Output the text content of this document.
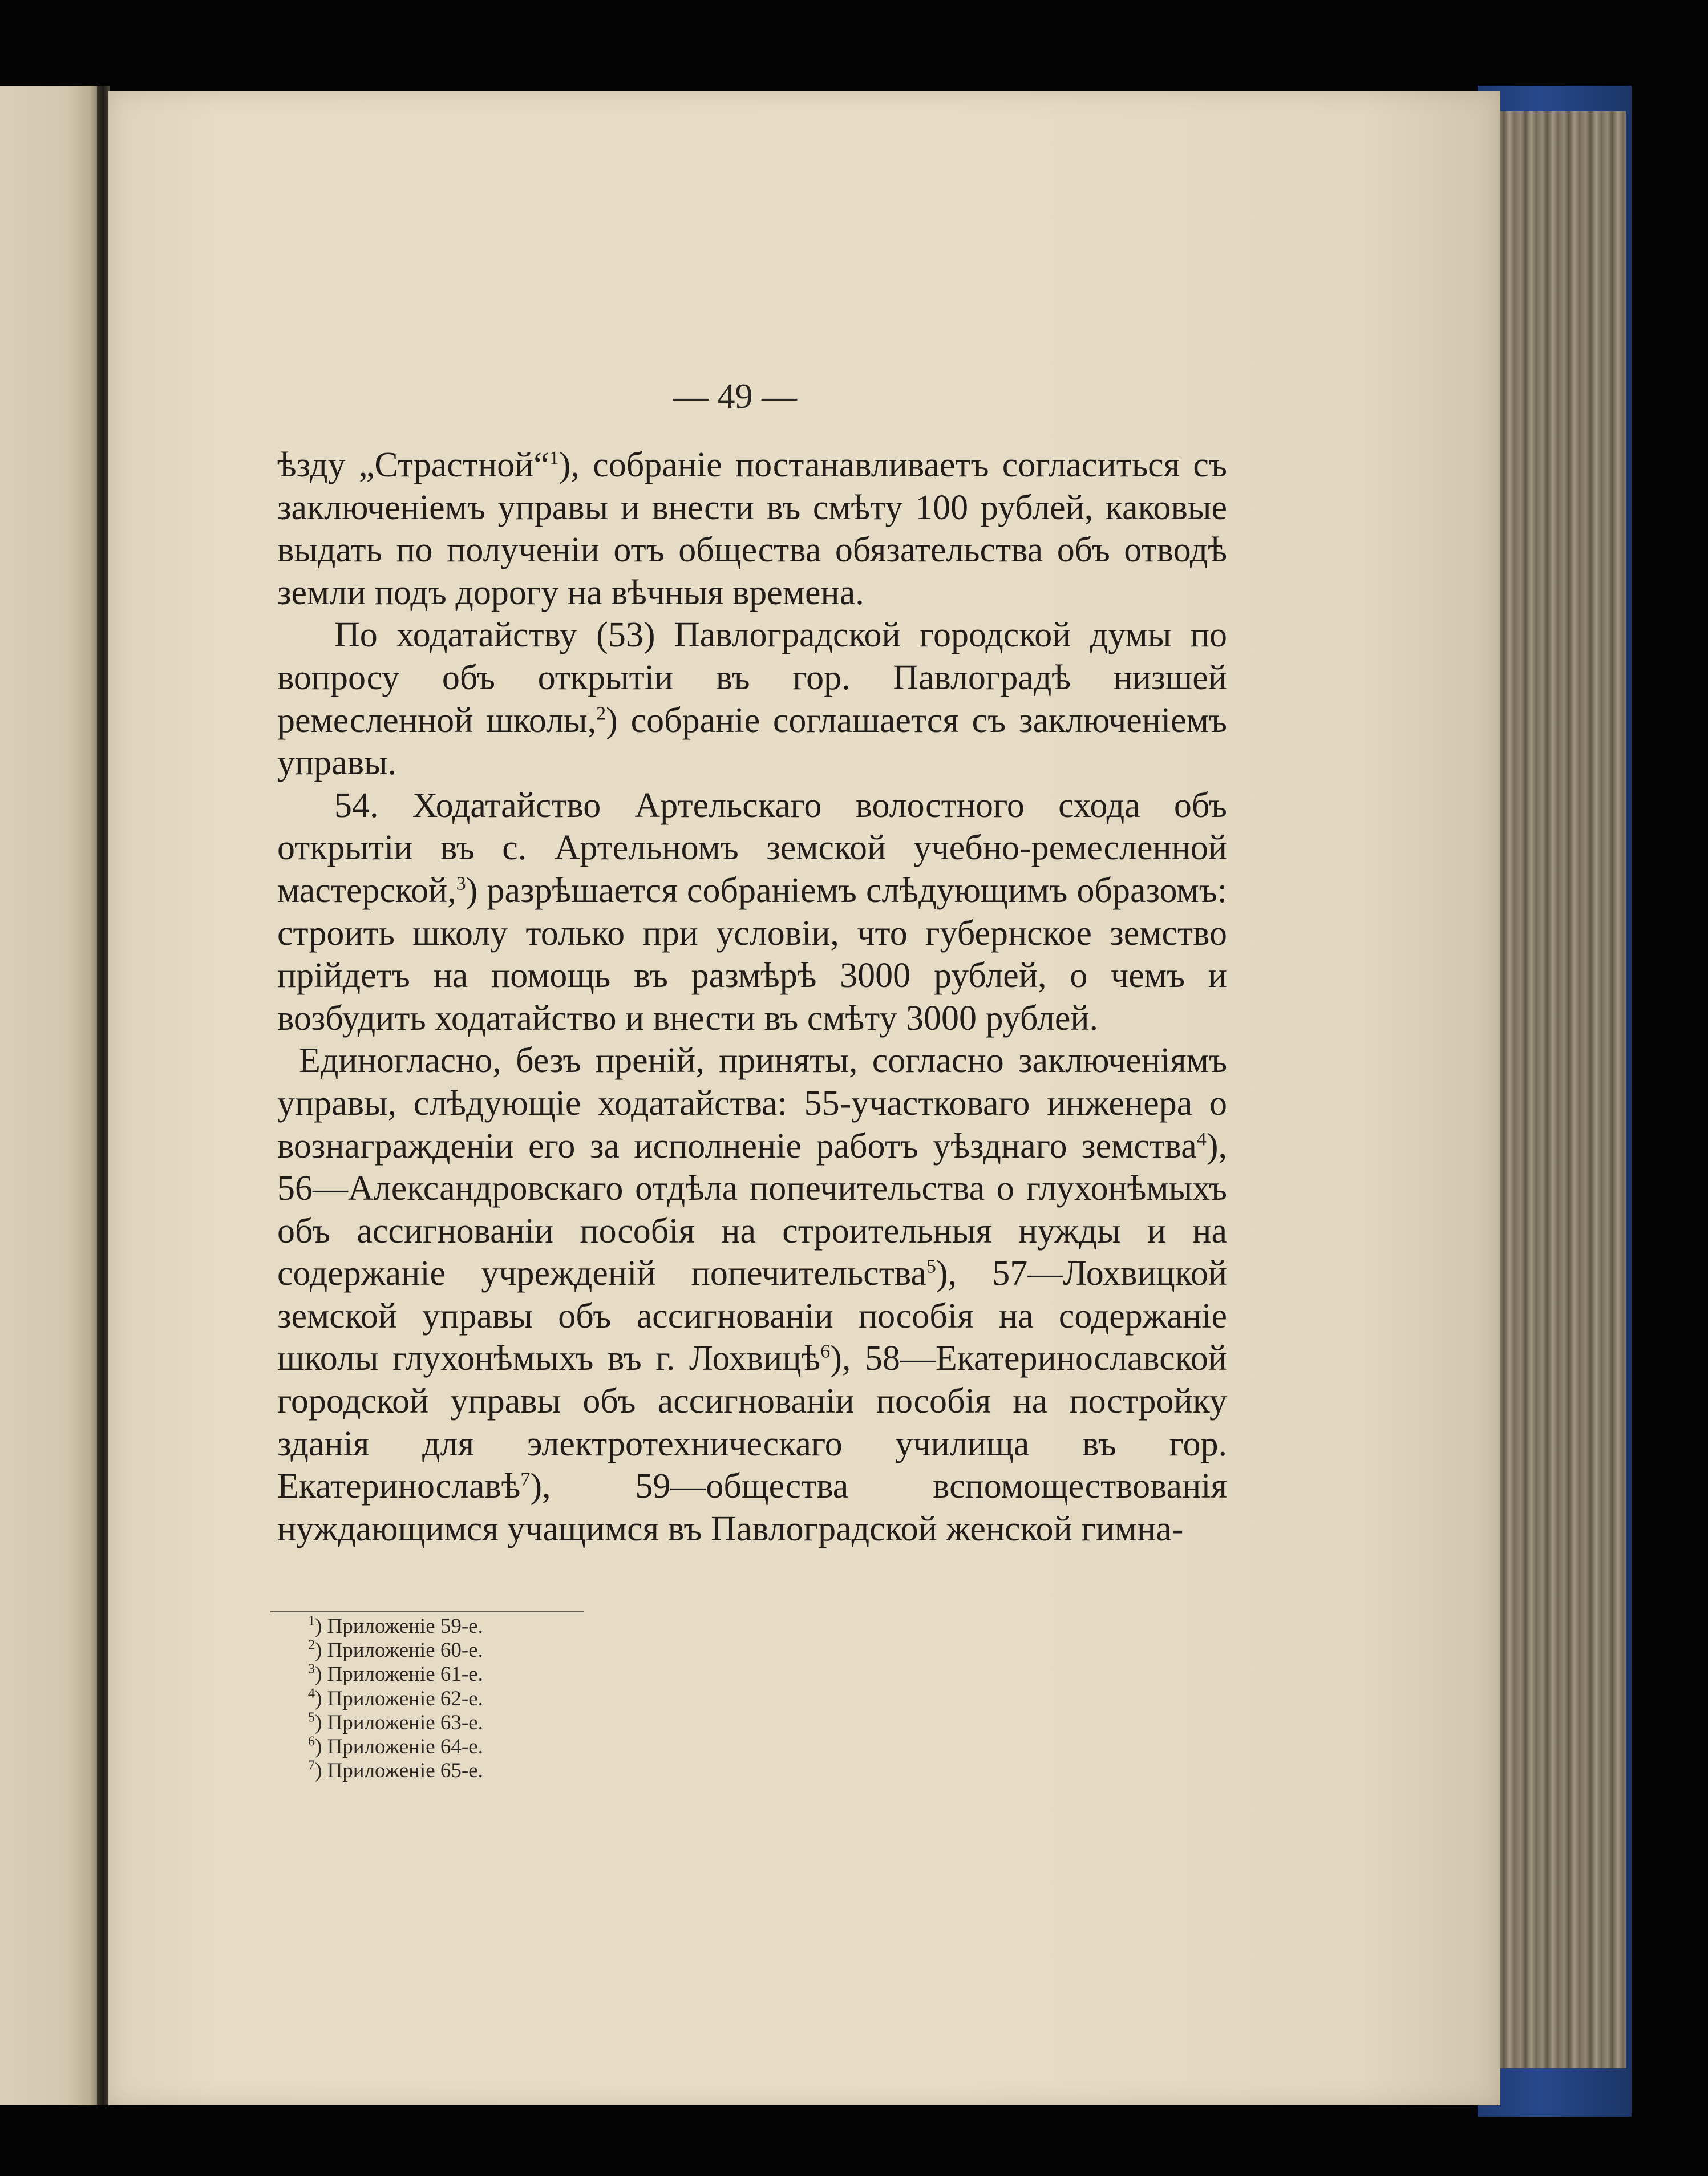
— 49 —

ѣзду „Страстной“$^1$), собраніе постанавливаетъ согласиться съ заключеніемъ управы и внести въ смѣту 100 рублей, каковые выдать по полученіи отъ общества обязательства объ отводѣ земли подъ дорогу на вѣчныя времена.

По ходатайству (53) Павлоградской городской думы по вопросу объ открытіи въ гор. Павлоградѣ низшей ремесленной школы,$^2$) собраніе соглашается съ заключеніемъ управы.

54. Ходатайство Артельскаго волостного схода объ открытіи въ с. Артельномъ земской учебно-ремесленной мастерской,$^3$) разрѣшается собраніемъ слѣдующимъ образомъ: строить школу только при условіи, что губернское земство прійдетъ на помощь въ размѣрѣ 3000 рублей, о чемъ и возбудить ходатайство и внести въ смѣту 3000 рублей.

Единогласно, безъ преній, приняты, согласно заключеніямъ управы, слѣдующіе ходатайства: 55-участковаго инженера о вознагражденіи его за исполненіе работъ уѣзднаго земства$^4$), 56—Александровскаго отдѣла попечительства о глухонѣмыхъ объ ассигнованіи пособія на строительныя нужды и на содержаніе учрежденій попечительства$^5$), 57—Лохвицкой земской управы объ ассигнованіи пособія на содержаніе школы глухонѣмыхъ въ г. Лохвицѣ$^6$), 58—Екатеринославской городской управы объ ассигнованіи пособія на постройку зданія для электротехническаго училища въ гор. Екатеринославѣ$^7$), 59—общества вспомоществованія нуждающимся учащимся въ Павлоградской женской гимна-

$^1$) Приложеніе 59-е.
$^2$) Приложеніе 60-е.
$^3$) Приложеніе 61-е.
$^4$) Приложеніе 62-е.
$^5$) Приложеніе 63-е.
$^6$) Приложеніе 64-е.
$^7$) Приложеніе 65-е.
